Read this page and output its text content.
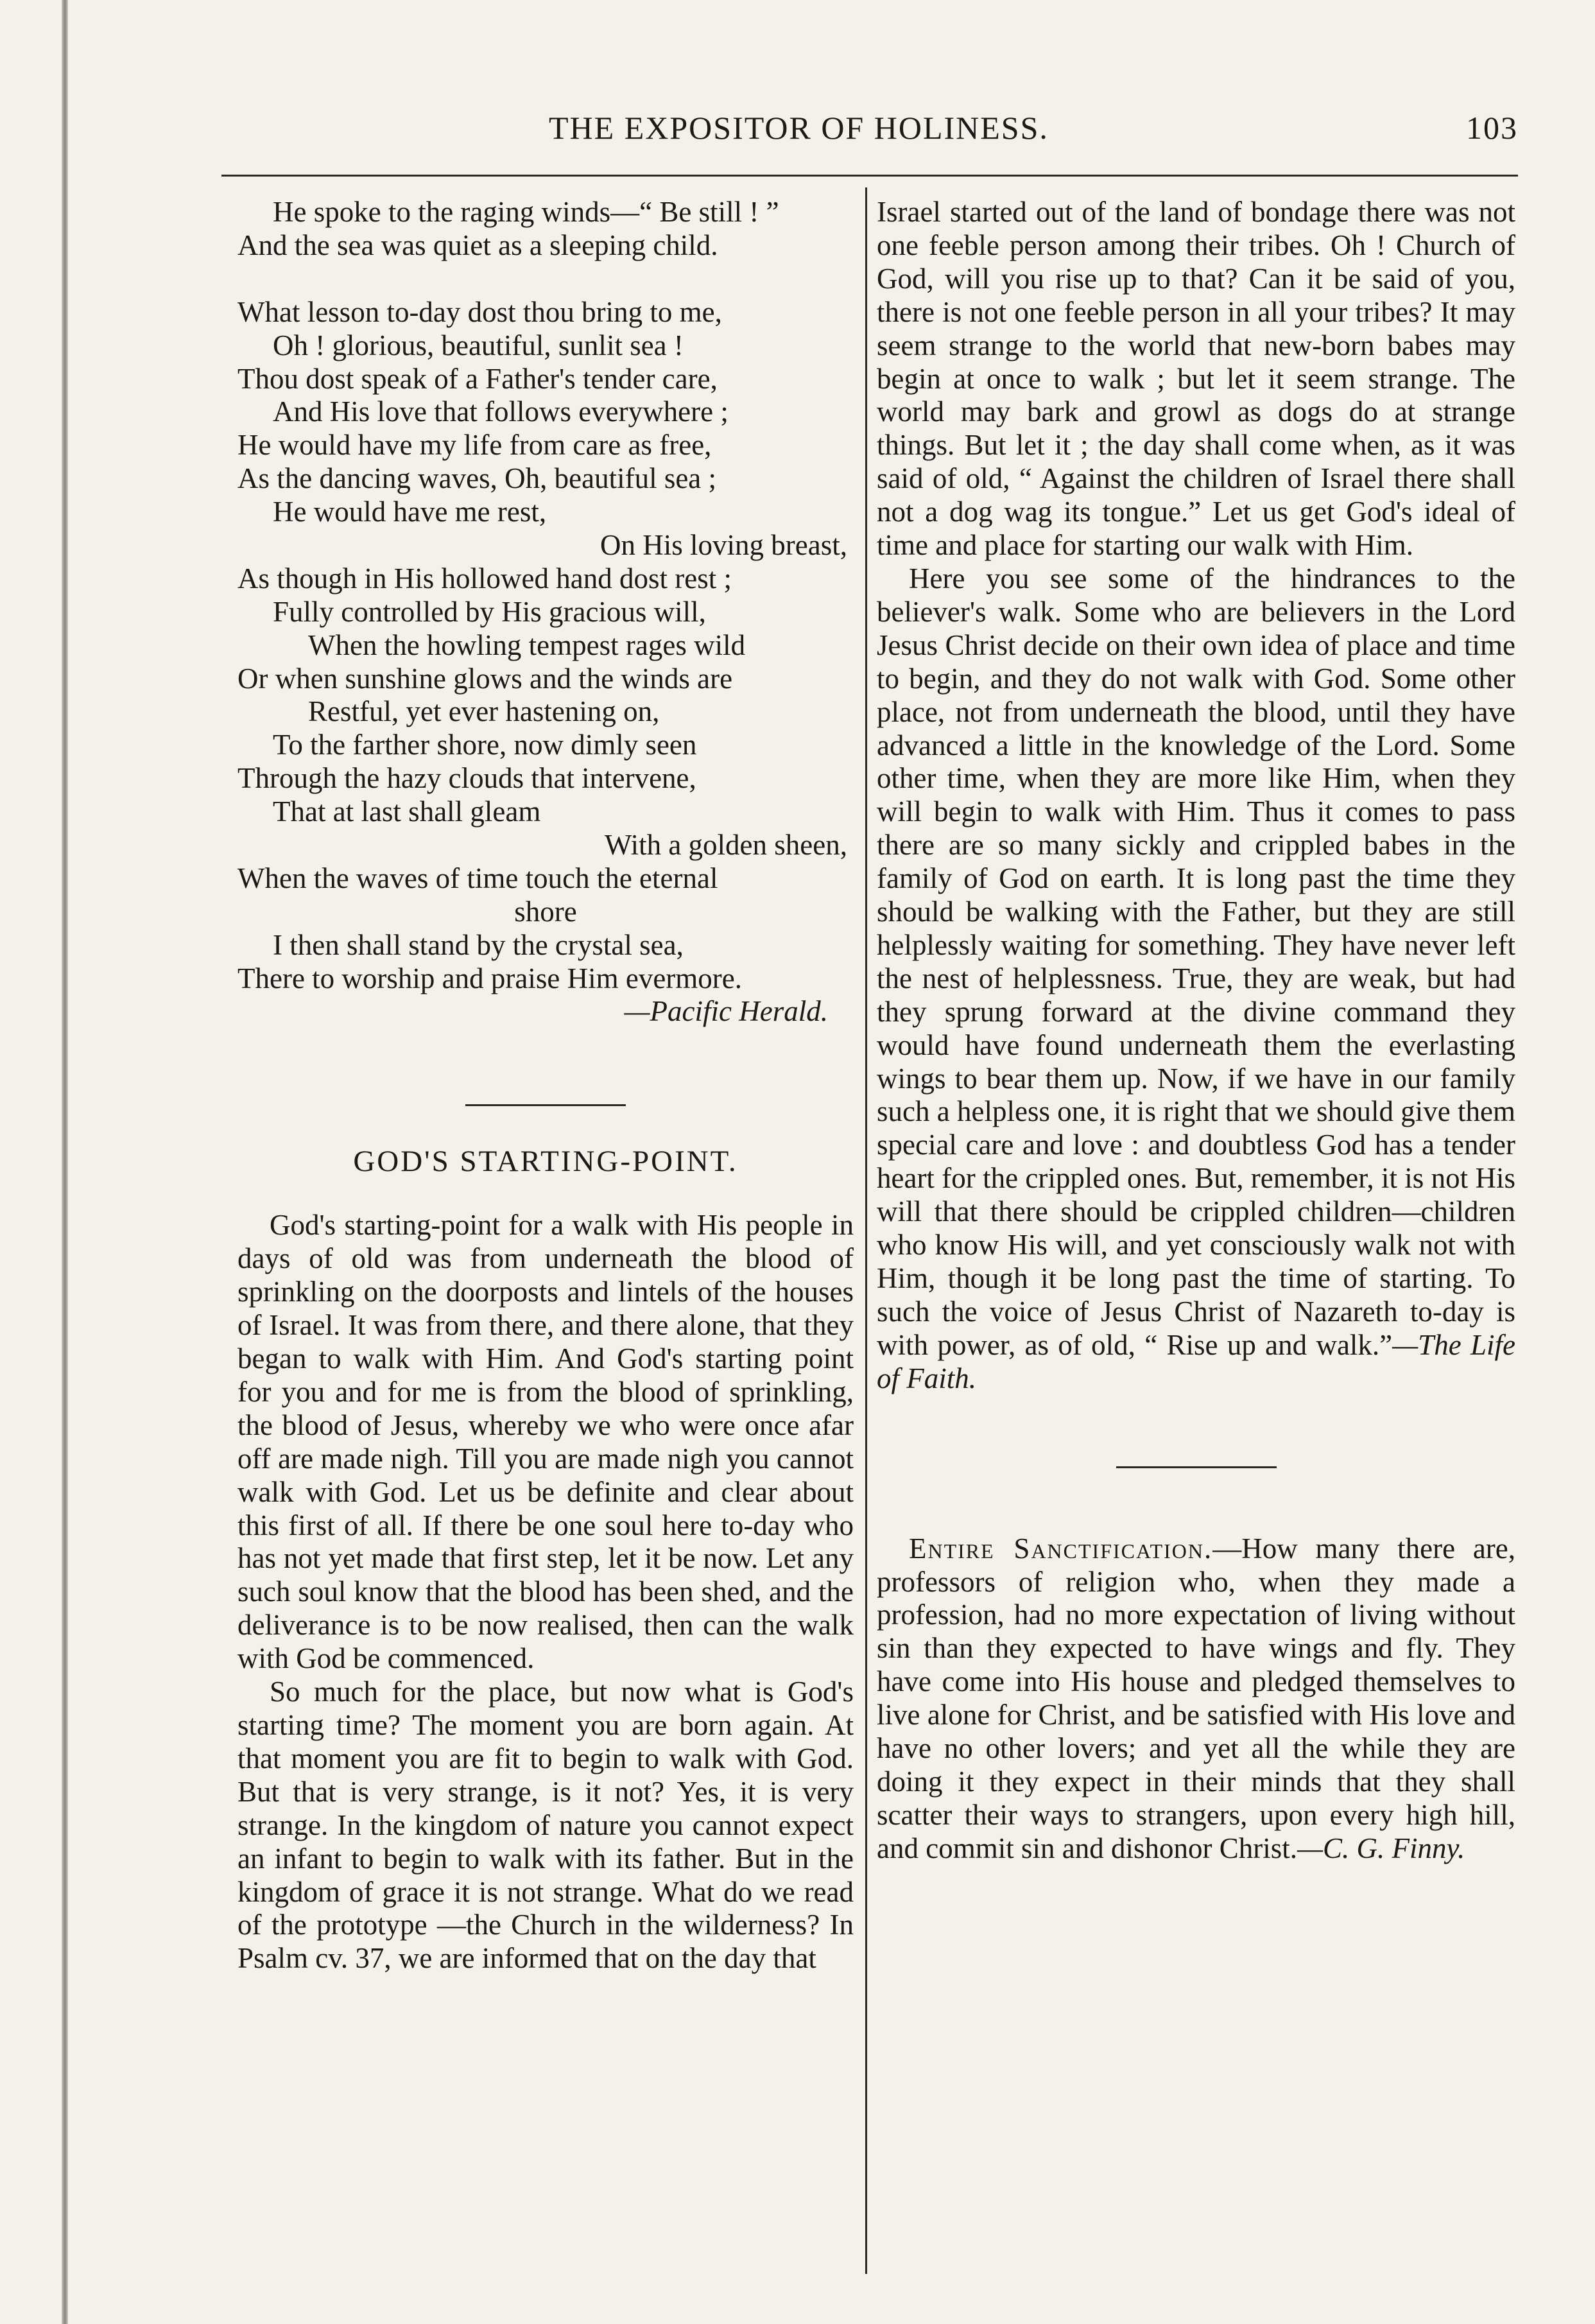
THE EXPOSITOR OF HOLINESS.	103
He spoke to the raging winds—“ Be still ! ”
And the sea was quiet as a sleeping child.
What lesson to-day dost thou bring to me,
Oh ! glorious, beautiful, sunlit sea !
Thou dost speak of a Father's tender care,
And His love that follows everywhere ;
He would have my life from care as free,
As the dancing waves, Oh, beautiful sea ;
He would have me rest,
On His loving breast,
As though in His hollowed hand dost rest ;
Fully controlled by His gracious will,
When the howling tempest rages wild
Or when sunshine glows and the winds are
Restful, yet ever hastening on,
To the farther shore, now dimly seen
Through the hazy clouds that intervene,
That at last shall gleam
With a golden sheen,
When the waves of time touch the eternal
shore
I then shall stand by the crystal sea,
There to worship and praise Him evermore.
—Pacific Herald.
GOD'S STARTING-POINT.

God's starting-point for a walk with His people in days of old was from underneath the blood of sprinkling on the doorposts and lintels of the houses of Israel. It was from there, and there alone, that they began to walk with Him. And God's starting point for you and for me is from the blood of sprinkling, the blood of Jesus, whereby we who were once afar off are made nigh. Till you are made nigh you cannot walk with God. Let us be definite and clear about this first of all. If there be one soul here to-day who has not yet made that first step, let it be now. Let any such soul know that the blood has been shed, and the deliverance is to be now realised, then can the walk with God be commenced.

So much for the place, but now what is God's starting time? The moment you are born again. At that moment you are fit to begin to walk with God. But that is very strange, is it not? Yes, it is very strange. In the kingdom of nature you cannot expect an infant to begin to walk with its father. But in the kingdom of grace it is not strange. What do we read of the prototype —the Church in the wilderness? In Psalm cv. 37, we are informed that on the day that

Israel started out of the land of bondage there was not one feeble person among their tribes. Oh ! Church of God, will you rise up to that? Can it be said of you, there is not one feeble person in all your tribes? It may seem strange to the world that new-born babes may begin at once to walk ; but let it seem strange. The world may bark and growl as dogs do at strange things. But let it ; the day shall come when, as it was said of old, “ Against the children of Israel there shall not a dog wag its tongue.” Let us get God's ideal of time and place for starting our walk with Him.

Here you see some of the hindrances to the believer's walk. Some who are believers in the Lord Jesus Christ decide on their own idea of place and time to begin, and they do not walk with God. Some other place, not from underneath the blood, until they have advanced a little in the knowledge of the Lord. Some other time, when they are more like Him, when they will begin to walk with Him. Thus it comes to pass there are so many sickly and crippled babes in the family of God on earth. It is long past the time they should be walking with the Father, but they are still helplessly waiting for something. They have never left the nest of helplessness. True, they are weak, but had they sprung forward at the divine command they would have found underneath them the everlasting wings to bear them up. Now, if we have in our family such a helpless one, it is right that we should give them special care and love : and doubtless God has a tender heart for the crippled ones. But, remember, it is not His will that there should be crippled children—children who know His will, and yet consciously walk not with Him, though it be long past the time of starting. To such the voice of Jesus Christ of Nazareth to-day is with power, as of old, “ Rise up and walk.”—The Life of Faith.

Entire Sanctification.—How many there are, professors of religion who, when they made a profession, had no more expectation of living without sin than they expected to have wings and fly. They have come into His house and pledged themselves to live alone for Christ, and be satisfied with His love and have no other lovers; and yet all the while they are doing it they expect in their minds that they shall scatter their ways to strangers, upon every high hill, and commit sin and dishonor Christ.—C. G. Finny.
